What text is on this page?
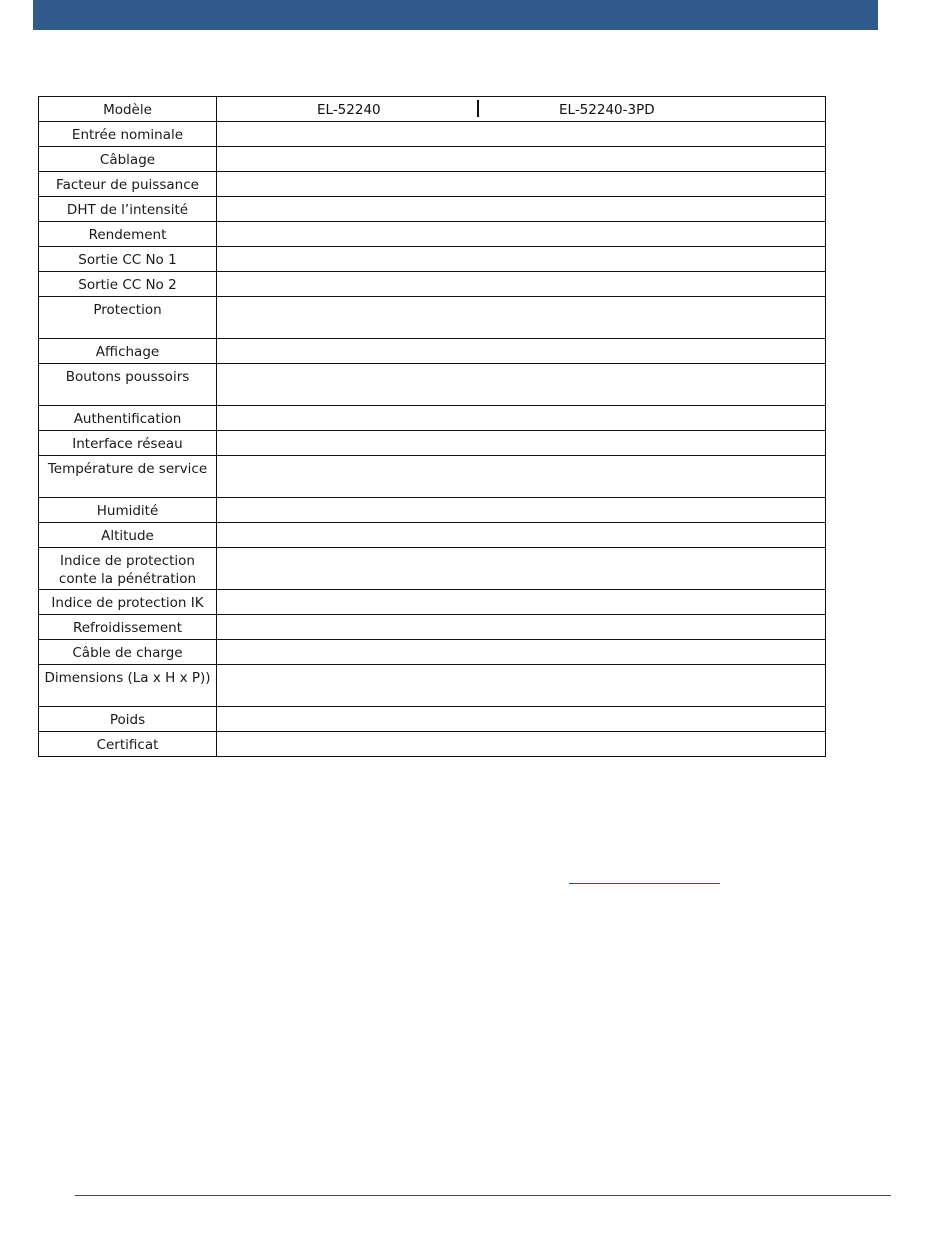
Modèle	EL-52240 EL-52240-3PD

Entrée nominale	
Câblage	
Facteur de puissance	
DHT de l’intensité	
Rendement	
Sortie CC No 1	
Sortie CC No 2	
Protection	
Affichage	
Boutons poussoirs	
Authentification	
Interface réseau	
Température de service	
Humidité	
Altitude	
Indice de protection conte la pénétration	
Indice de protection IK	
Refroidissement	
Câble de charge	
Dimensions (La x H x P))	
Poids	
Certificat	
